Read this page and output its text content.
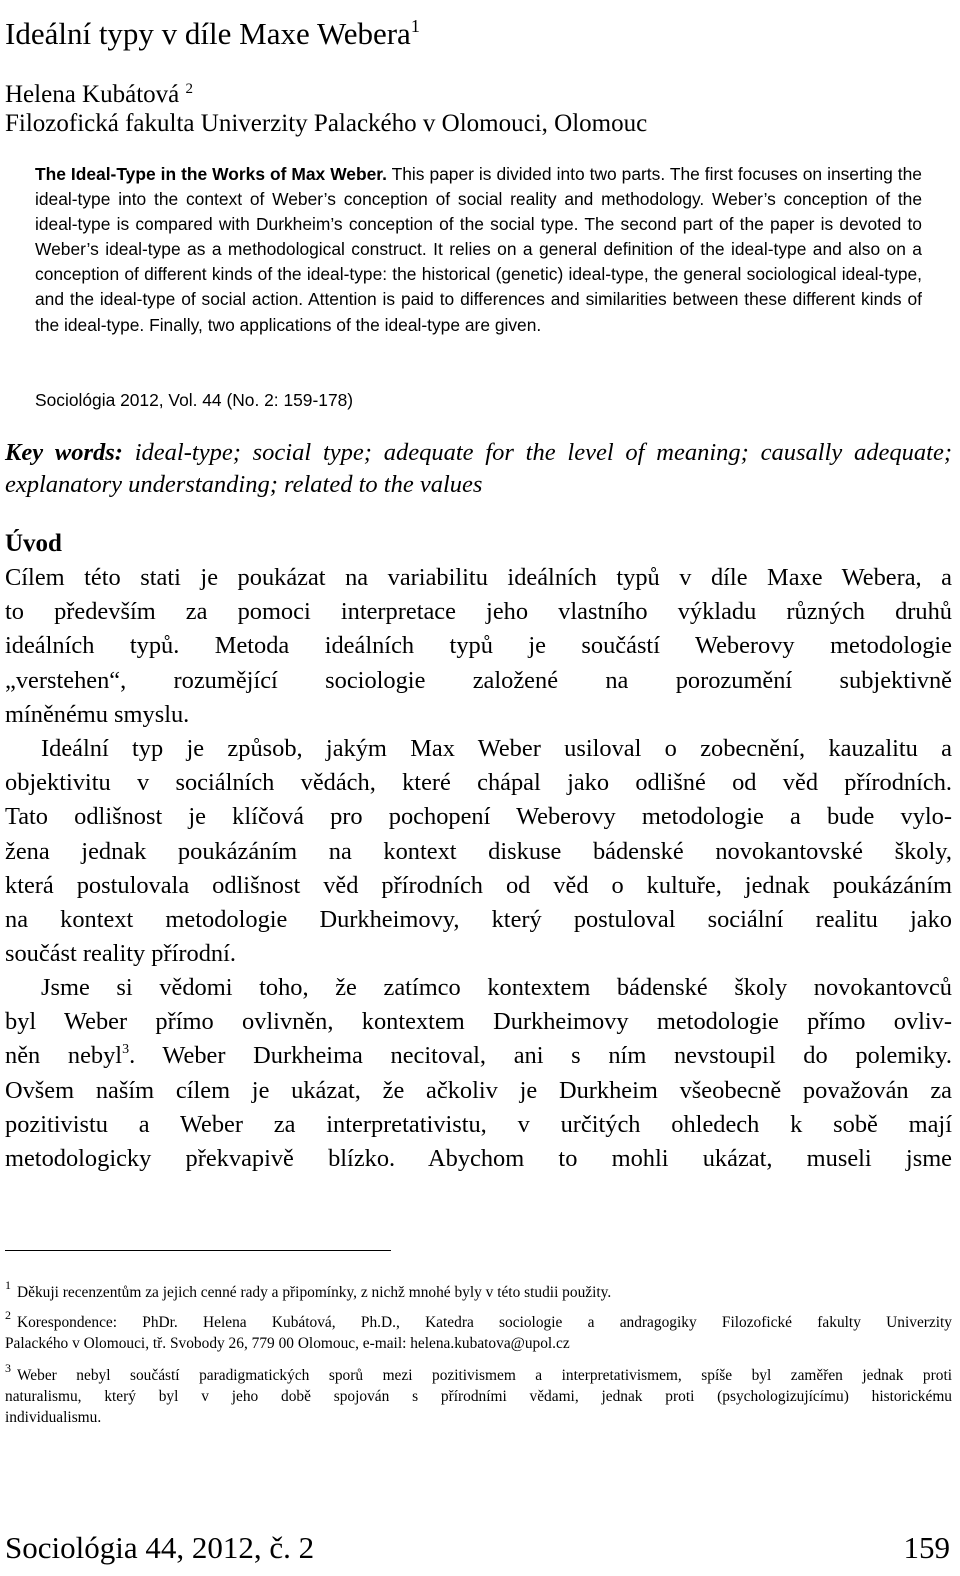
Ideální typy v díle Maxe Webera$^1$
Helena Kubátová $^2$
Filozofická fakulta Univerzity Palackého v Olomouci, Olomouc

The Ideal-Type in the Works of Max Weber. This paper is divided into two parts. The first focuses on inserting the ideal-type into the context of Weber’s conception of social reality and methodology. Weber’s conception of the ideal-type is compared with Durkheim’s conception of the social type. The second part of the paper is devoted to Weber’s ideal-type as a methodological construct. It relies on a general definition of the ideal-type and also on a conception of different kinds of the ideal-type: the historical (genetic) ideal-type, the general sociological ideal-type, and the ideal-type of social action. Attention is paid to differences and similarities between these different kinds of the ideal-type. Finally, two applications of the ideal-type are given.

Sociológia 2012, Vol. 44 (No. 2: 159-178)

Key words: ideal-type; social type; adequate for the level of meaning; causally adequate; explanatory understanding; related to the values

Úvod

Cílem této stati je poukázat na variabilitu ideálních typů v díle Maxe Webera, a
to především za pomoci interpretace jeho vlastního výkladu různých druhů
ideálních typů. Metoda ideálních typů je součástí Weberovy metodologie
„verstehen“, rozumějící sociologie založené na porozumění subjektivně
míněnému smyslu.

Ideální typ je způsob, jakým Max Weber usiloval o zobecnění, kauzalitu a
objektivitu v sociálních vědách, které chápal jako odlišné od věd přírodních.
Tato odlišnost je klíčová pro pochopení Weberovy metodologie a bude vylo-
žena jednak poukázáním na kontext diskuse bádenské novokantovské školy,
která postulovala odlišnost věd přírodních od věd o kultuře, jednak poukázáním
na kontext metodologie Durkheimovy, který postuloval sociální realitu jako
součást reality přírodní.

Jsme si vědomi toho, že zatímco kontextem bádenské školy novokantovců
byl Weber přímo ovlivněn, kontextem Durkheimovy metodologie přímo ovliv-
něn nebyl$^3$. Weber Durkheima necitoval, ani s ním nevstoupil do polemiky.
Ovšem naším cílem je ukázat, že ačkoliv je Durkheim všeobecně považován za
pozitivistu a Weber za interpretativistu, v určitých ohledech k sobě mají
metodologicky překvapivě blízko. Abychom to mohli ukázat, museli jsme

$^1$ Děkuji recenzentům za jejich cenné rady a připomínky, z nichž mnohé byly v této studii použity.

$^2$ Korespondence: PhDr. Helena Kubátová, Ph.D., Katedra sociologie a andragogiky Filozofické fakulty Univerzity
Palackého v Olomouci, tř. Svobody 26, 779 00 Olomouc, e-mail: helena.kubatova@upol.cz

$^3$ Weber nebyl součástí paradigmatických sporů mezi pozitivismem a interpretativismem, spíše byl zaměřen jednak proti
naturalismu, který byl v jeho době spojován s přírodními vědami, jednak proti (psychologizujícímu) historickému
individualismu.

Sociológia 44, 2012, č. 2	159
